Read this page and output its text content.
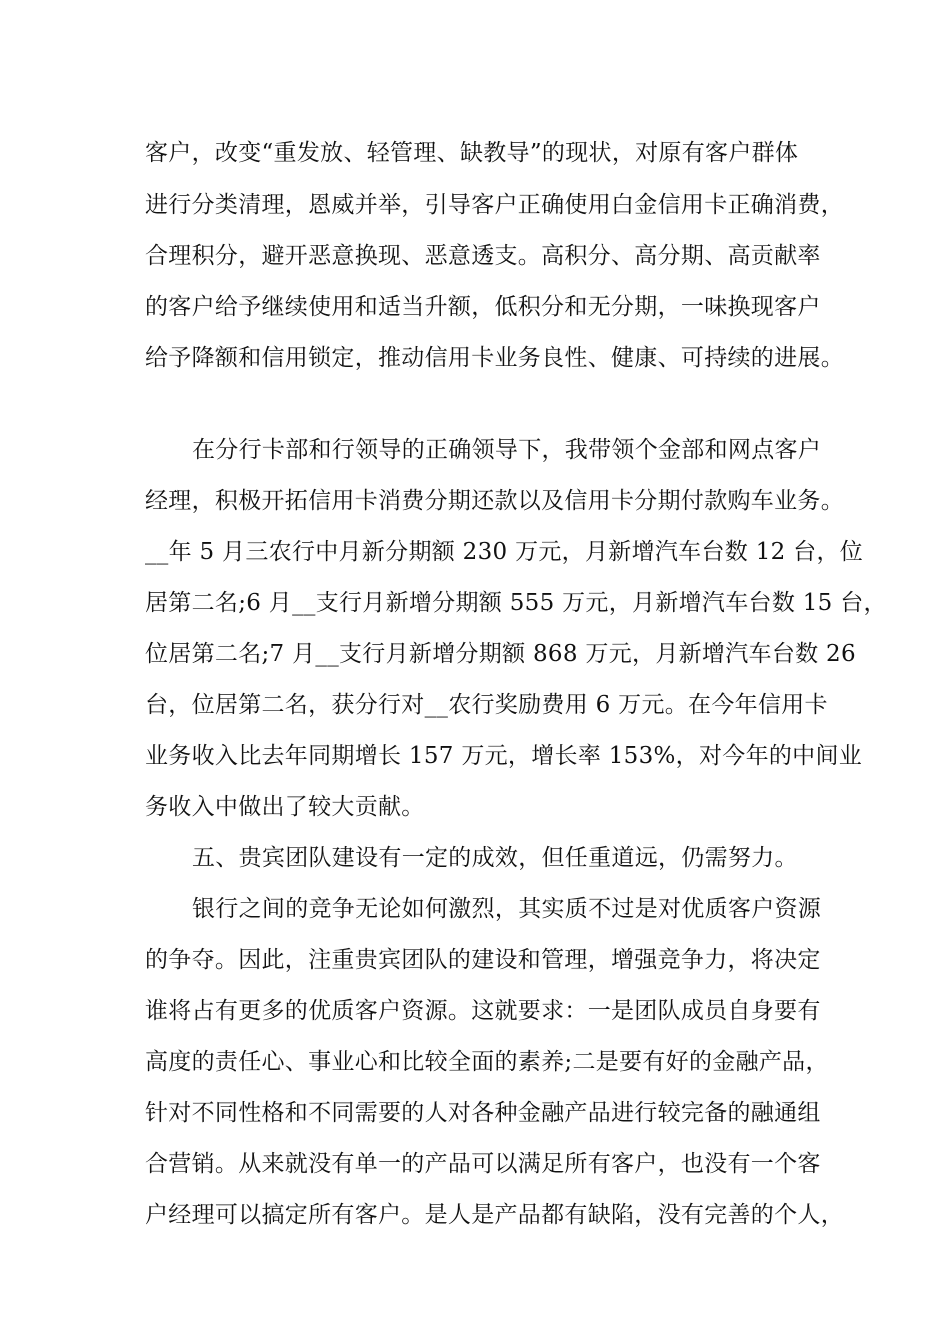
客户，改变“重发放、轻管理、缺教导”的现状，对原有客户群体
进行分类清理，恩威并举，引导客户正确使用白金信用卡正确消费，
合理积分，避开恶意换现、恶意透支。高积分、高分期、高贡献率
的客户给予继续使用和适当升额，低积分和无分期，一味换现客户
给予降额和信用锁定，推动信用卡业务良性、健康、可持续的进展。
在分行卡部和行领导的正确领导下，我带领个金部和网点客户
经理，积极开拓信用卡消费分期还款以及信用卡分期付款购车业务。
__年 5 月三农行中月新分期额 230 万元，月新增汽车台数 12 台，位
居第二名;6 月__支行月新增分期额 555 万元，月新增汽车台数 15 台，
位居第二名;7 月__支行月新增分期额 868 万元，月新增汽车台数 26
台，位居第二名，获分行对__农行奖励费用 6 万元。在今年信用卡
业务收入比去年同期增长 157 万元，增长率 153%，对今年的中间业
务收入中做出了较大贡献。
五、贵宾团队建设有一定的成效，但任重道远，仍需努力。
银行之间的竞争无论如何激烈，其实质不过是对优质客户资源
的争夺。因此，注重贵宾团队的建设和管理，增强竞争力，将决定
谁将占有更多的优质客户资源。这就要求：一是团队成员自身要有
高度的责任心、事业心和比较全面的素养;二是要有好的金融产品，
针对不同性格和不同需要的人对各种金融产品进行较完备的融通组
合营销。从来就没有单一的产品可以满足所有客户，也没有一个客
户经理可以搞定所有客户。是人是产品都有缺陷，没有完善的个人，
